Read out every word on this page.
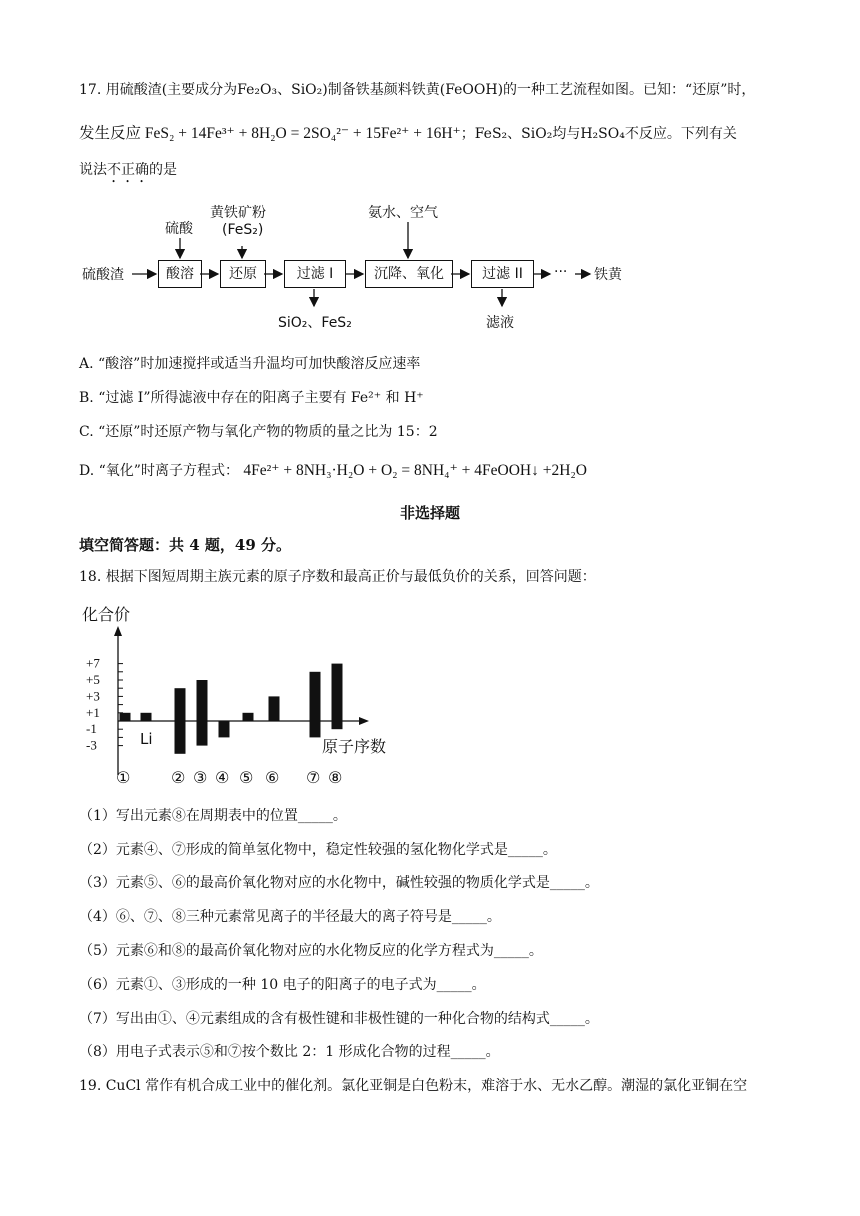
17. 用硫酸渣(主要成分为Fe₂O₃、SiO₂)制备铁基颜料铁黄(FeOOH)的一种工艺流程如图。已知：“还原”时，
发生反应 FeS₂ + 14Fe³⁺ + 8H₂O = 2SO₄²⁻ + 15Fe²⁺ + 16H⁺；FeS₂、SiO₂均与H₂SO₄不反应。下列有关
说法不正确的是
硫酸渣
硫酸
黄铁矿粉
(FeS₂)
氨水、空气
酸溶	还原	过滤 I	沉降、氧化	过滤 II	··· 铁黄
SiO₂、FeS₂	滤液
A. “酸溶”时加速搅拌或适当升温均可加快酸溶反应速率
B. “过滤 I”所得滤液中存在的阳离子主要有 Fe²⁺ 和 H⁺
C. “还原”时还原产物与氧化产物的物质的量之比为 15：2
D. “氧化”时离子方程式： 4Fe²⁺ + 8NH₃·H₂O + O₂ = 8NH₄⁺ + 4FeOOH↓ +2H₂O
非选择题
填空简答题：共 4 题，49 分。
18. 根据下图短周期主族元素的原子序数和最高正价与最低负价的关系，回答问题：
化合价
+7
+5
+3
+1
-1
-3
①
Li
② ③ ④ ⑤ ⑥ ⑦ ⑧
原子序数
（1）写出元素⑧在周期表中的位置_____。
（2）元素④、⑦形成的简单氢化物中，稳定性较强的氢化物化学式是_____。
（3）元素⑤、⑥的最高价氧化物对应的水化物中，碱性较强的物质化学式是_____。
（4）⑥、⑦、⑧三种元素常见离子的半径最大的离子符号是_____。
（5）元素⑥和⑧的最高价氧化物对应的水化物反应的化学方程式为_____。
（6）元素①、③形成的一种 10 电子的阳离子的电子式为_____。
（7）写出由①、④元素组成的含有极性键和非极性键的一种化合物的结构式_____。
（8）用电子式表示⑤和⑦按个数比 2：1 形成化合物的过程_____。
19. CuCl 常作有机合成工业中的催化剂。氯化亚铜是白色粉末，难溶于水、无水乙醇。潮湿的氯化亚铜在空
